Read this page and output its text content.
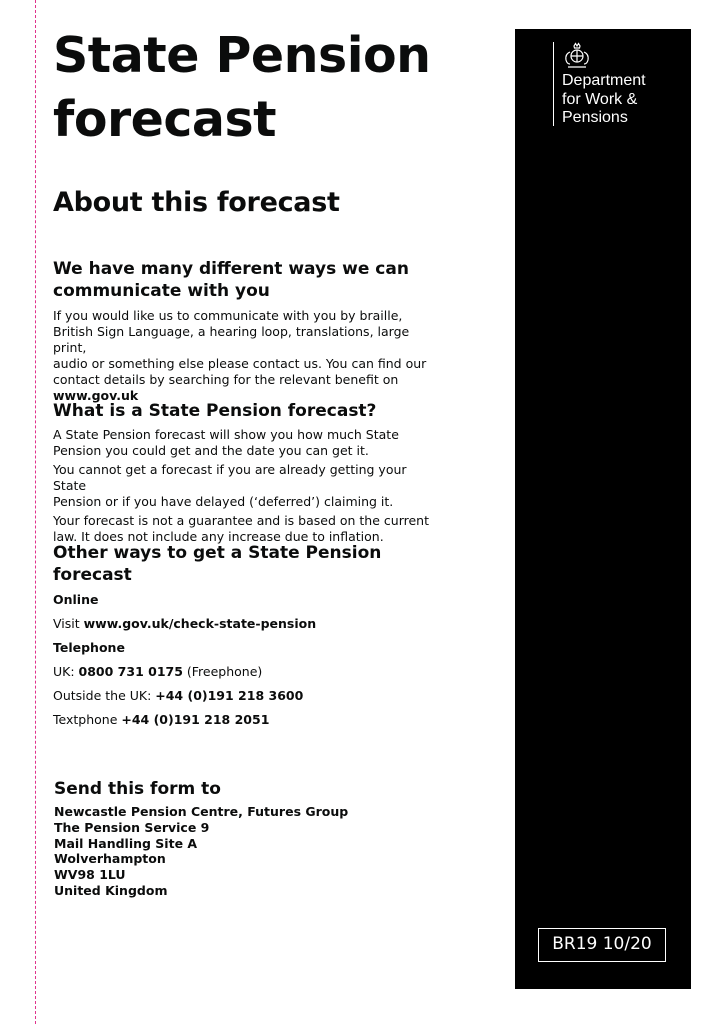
State Pension
forecast
About this forecast
We have many different ways we can
communicate with you

If you would like us to communicate with you by braille,
British Sign Language, a hearing loop, translations, large print,
audio or something else please contact us. You can find our
contact details by searching for the relevant benefit on
www.gov.uk

What is a State Pension forecast?

A State Pension forecast will show you how much State
Pension you could get and the date you can get it.

You cannot get a forecast if you are already getting your State
Pension or if you have delayed (‘deferred’) claiming it.

Your forecast is not a guarantee and is based on the current
law. It does not include any increase due to inflation.

Other ways to get a State Pension forecast
Online
Visit www.gov.uk/check-state-pension
Telephone
UK: 0800 731 0175 (Freephone)
Outside the UK: +44 (0)191 218 3600
Textphone +44 (0)191 218 2051
Send this form to
Newcastle Pension Centre, Futures Group
The Pension Service 9
Mail Handling Site A
Wolverhampton
WV98 1LU
United Kingdom
Department
for Work &
Pensions
BR19 10/20
